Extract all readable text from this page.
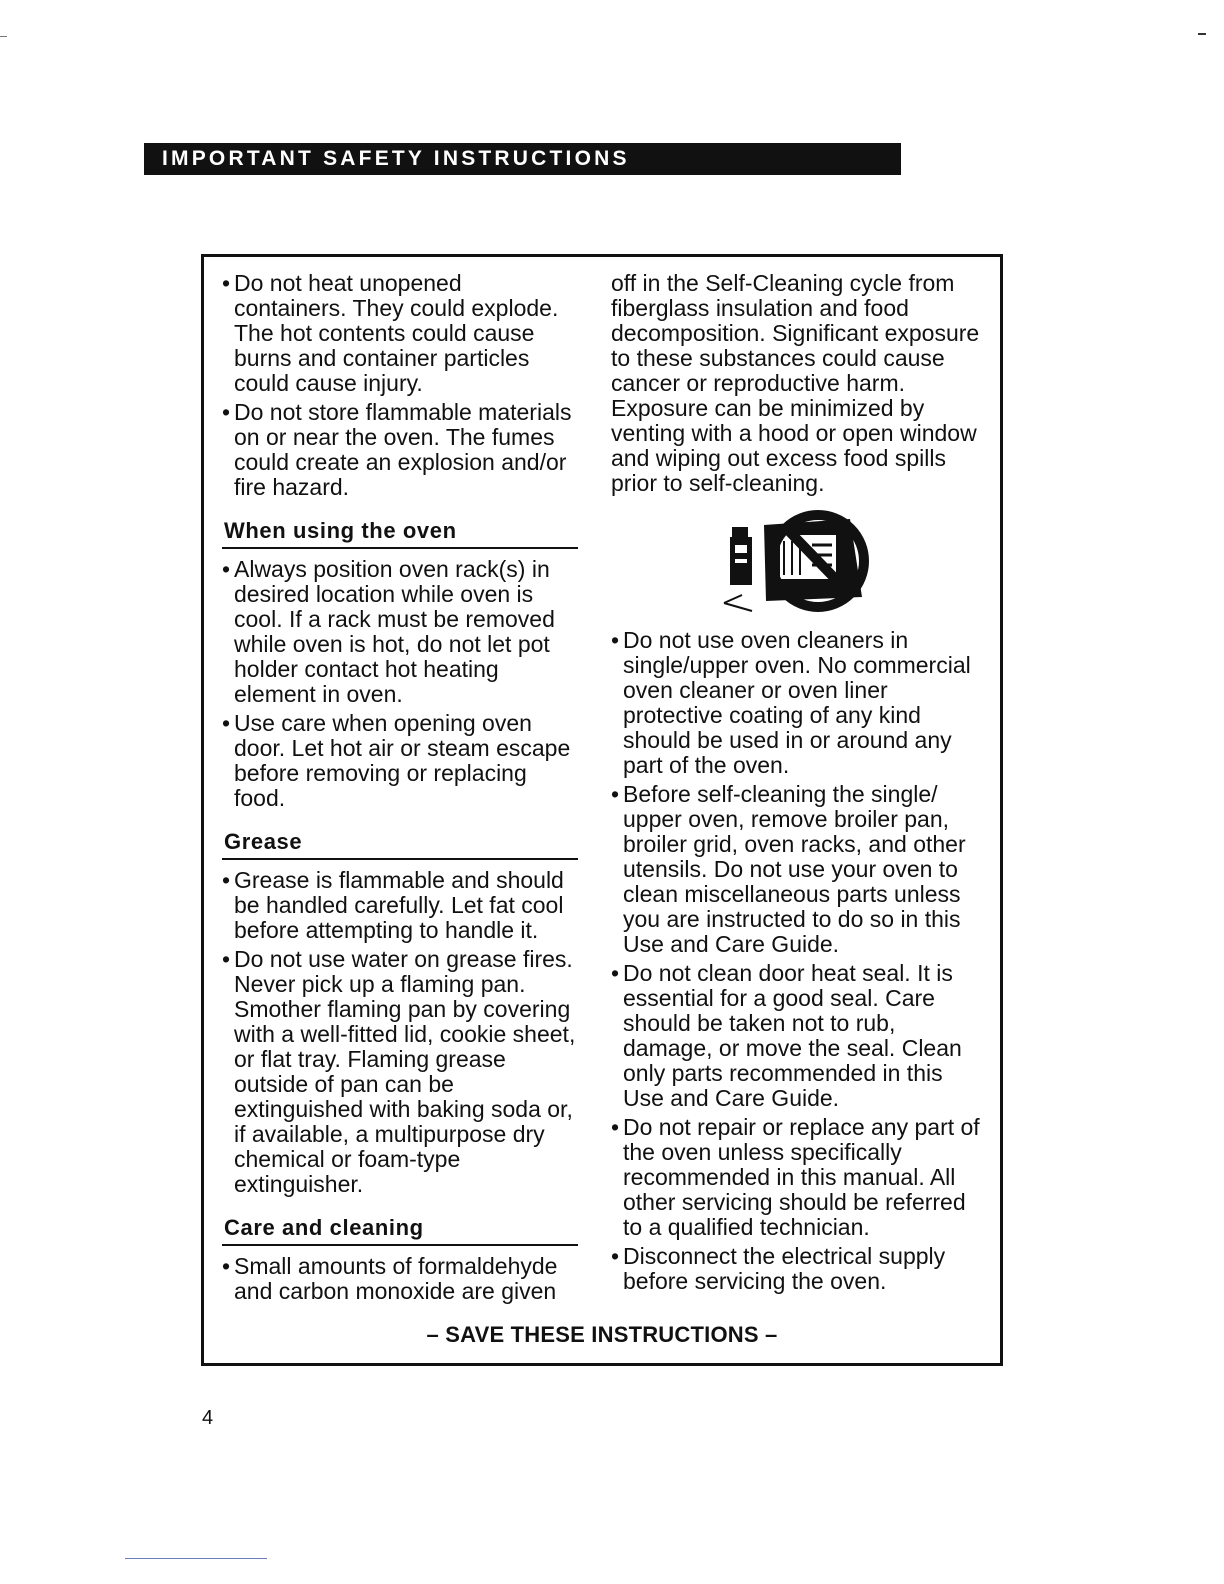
IMPORTANT SAFETY INSTRUCTIONS
• Do not heat unopened containers. They could explode. The hot contents could cause burns and container particles could cause injury.
• Do not store flammable materials on or near the oven. The fumes could create an explosion and/or fire hazard.
When using the oven
• Always position oven rack(s) in desired location while oven is cool. If a rack must be removed while oven is hot, do not let pot holder contact hot heating element in oven.
• Use care when opening oven door. Let hot air or steam escape before removing or replacing food.
Grease
• Grease is flammable and should be handled carefully. Let fat cool before attempting to handle it.
• Do not use water on grease fires. Never pick up a flaming pan. Smother flaming pan by covering with a well-fitted lid, cookie sheet, or flat tray. Flaming grease outside of pan can be extinguished with baking soda or, if available, a multipurpose dry chemical or foam-type extinguisher.
Care and cleaning
• Small amounts of formaldehyde and carbon monoxide are given
off in the Self-Cleaning cycle from fiberglass insulation and food decomposition. Significant exposure to these substances could cause cancer or reproductive harm. Exposure can be minimized by venting with a hood or open window and wiping out excess food spills prior to self-cleaning.
• Do not use oven cleaners in single/upper oven. No commercial oven cleaner or oven liner protective coating of any kind should be used in or around any part of the oven.
• Before self-cleaning the single/ upper oven, remove broiler pan, broiler grid, oven racks, and other utensils. Do not use your oven to clean miscellaneous parts unless you are instructed to do so in this Use and Care Guide.
• Do not clean door heat seal. It is essential for a good seal. Care should be taken not to rub, damage, or move the seal. Clean only parts recommended in this Use and Care Guide.
• Do not repair or replace any part of the oven unless specifically recommended in this manual. All other servicing should be referred to a qualified technician.
• Disconnect the electrical supply before servicing the oven.
– SAVE THESE INSTRUCTIONS –
4
